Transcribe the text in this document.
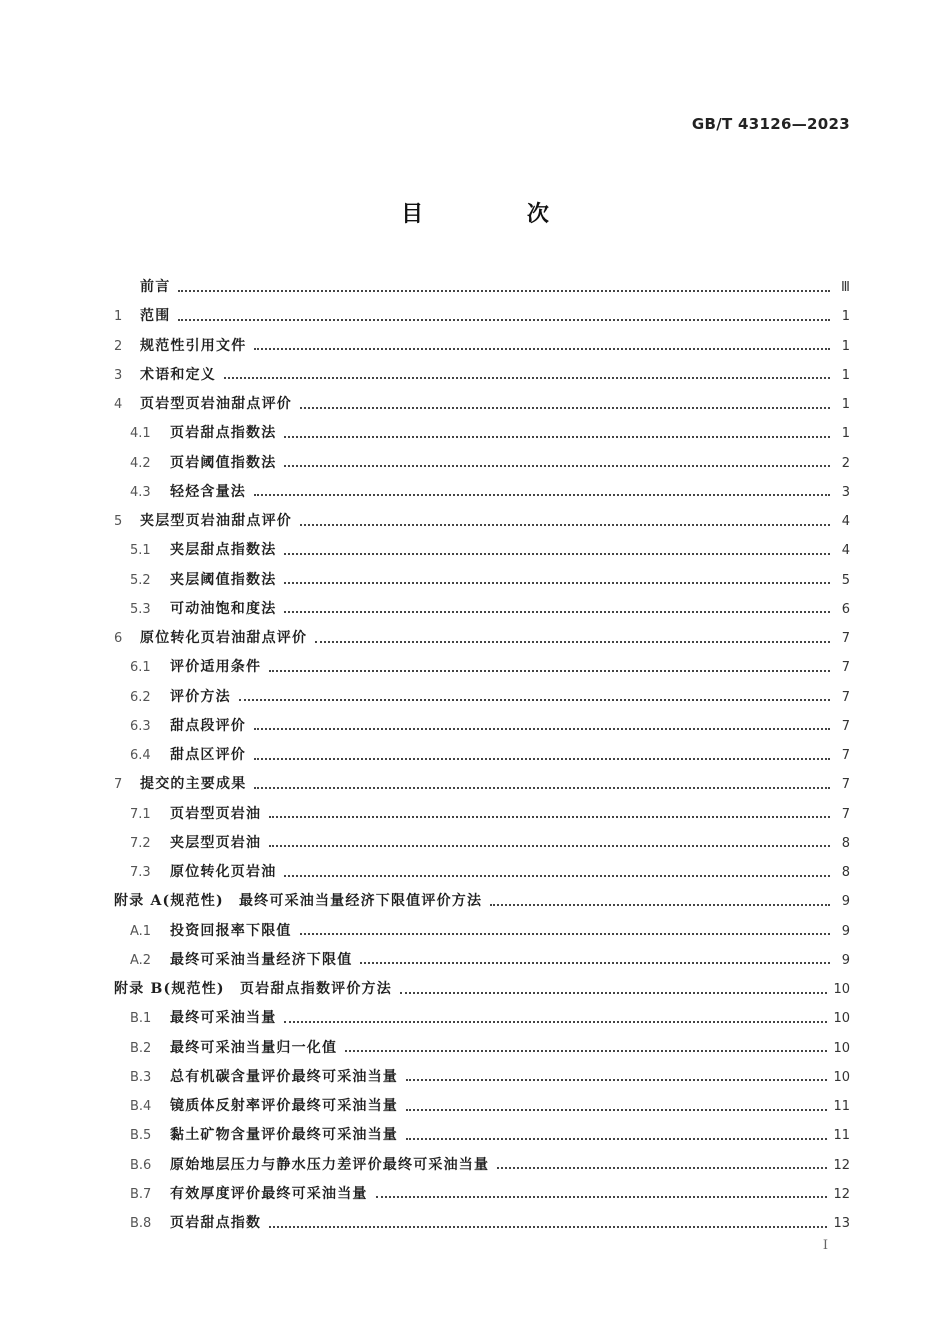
GB/T 43126—2023
目 次
前言	Ⅲ
1	范围	1
2	规范性引用文件	1
3	术语和定义	1
4	页岩型页岩油甜点评价	1
4.1	页岩甜点指数法	1
4.2	页岩阈值指数法	2
4.3	轻烃含量法	3
5	夹层型页岩油甜点评价	4
5.1	夹层甜点指数法	4
5.2	夹层阈值指数法	5
5.3	可动油饱和度法	6
6	原位转化页岩油甜点评价	7
6.1	评价适用条件	7
6.2	评价方法	7
6.3	甜点段评价	7
6.4	甜点区评价	7
7	提交的主要成果	7
7.1	页岩型页岩油	7
7.2	夹层型页岩油	8
7.3	原位转化页岩油	8
附录 A(规范性)　最终可采油当量经济下限值评价方法	9
A.1	投资回报率下限值	9
A.2	最终可采油当量经济下限值	9
附录 B(规范性)　页岩甜点指数评价方法	10
B.1	最终可采油当量	10
B.2	最终可采油当量归一化值	10
B.3	总有机碳含量评价最终可采油当量	10
B.4	镜质体反射率评价最终可采油当量	11
B.5	黏土矿物含量评价最终可采油当量	11
B.6	原始地层压力与静水压力差评价最终可采油当量	12
B.7	有效厚度评价最终可采油当量	12
B.8	页岩甜点指数	13
I
